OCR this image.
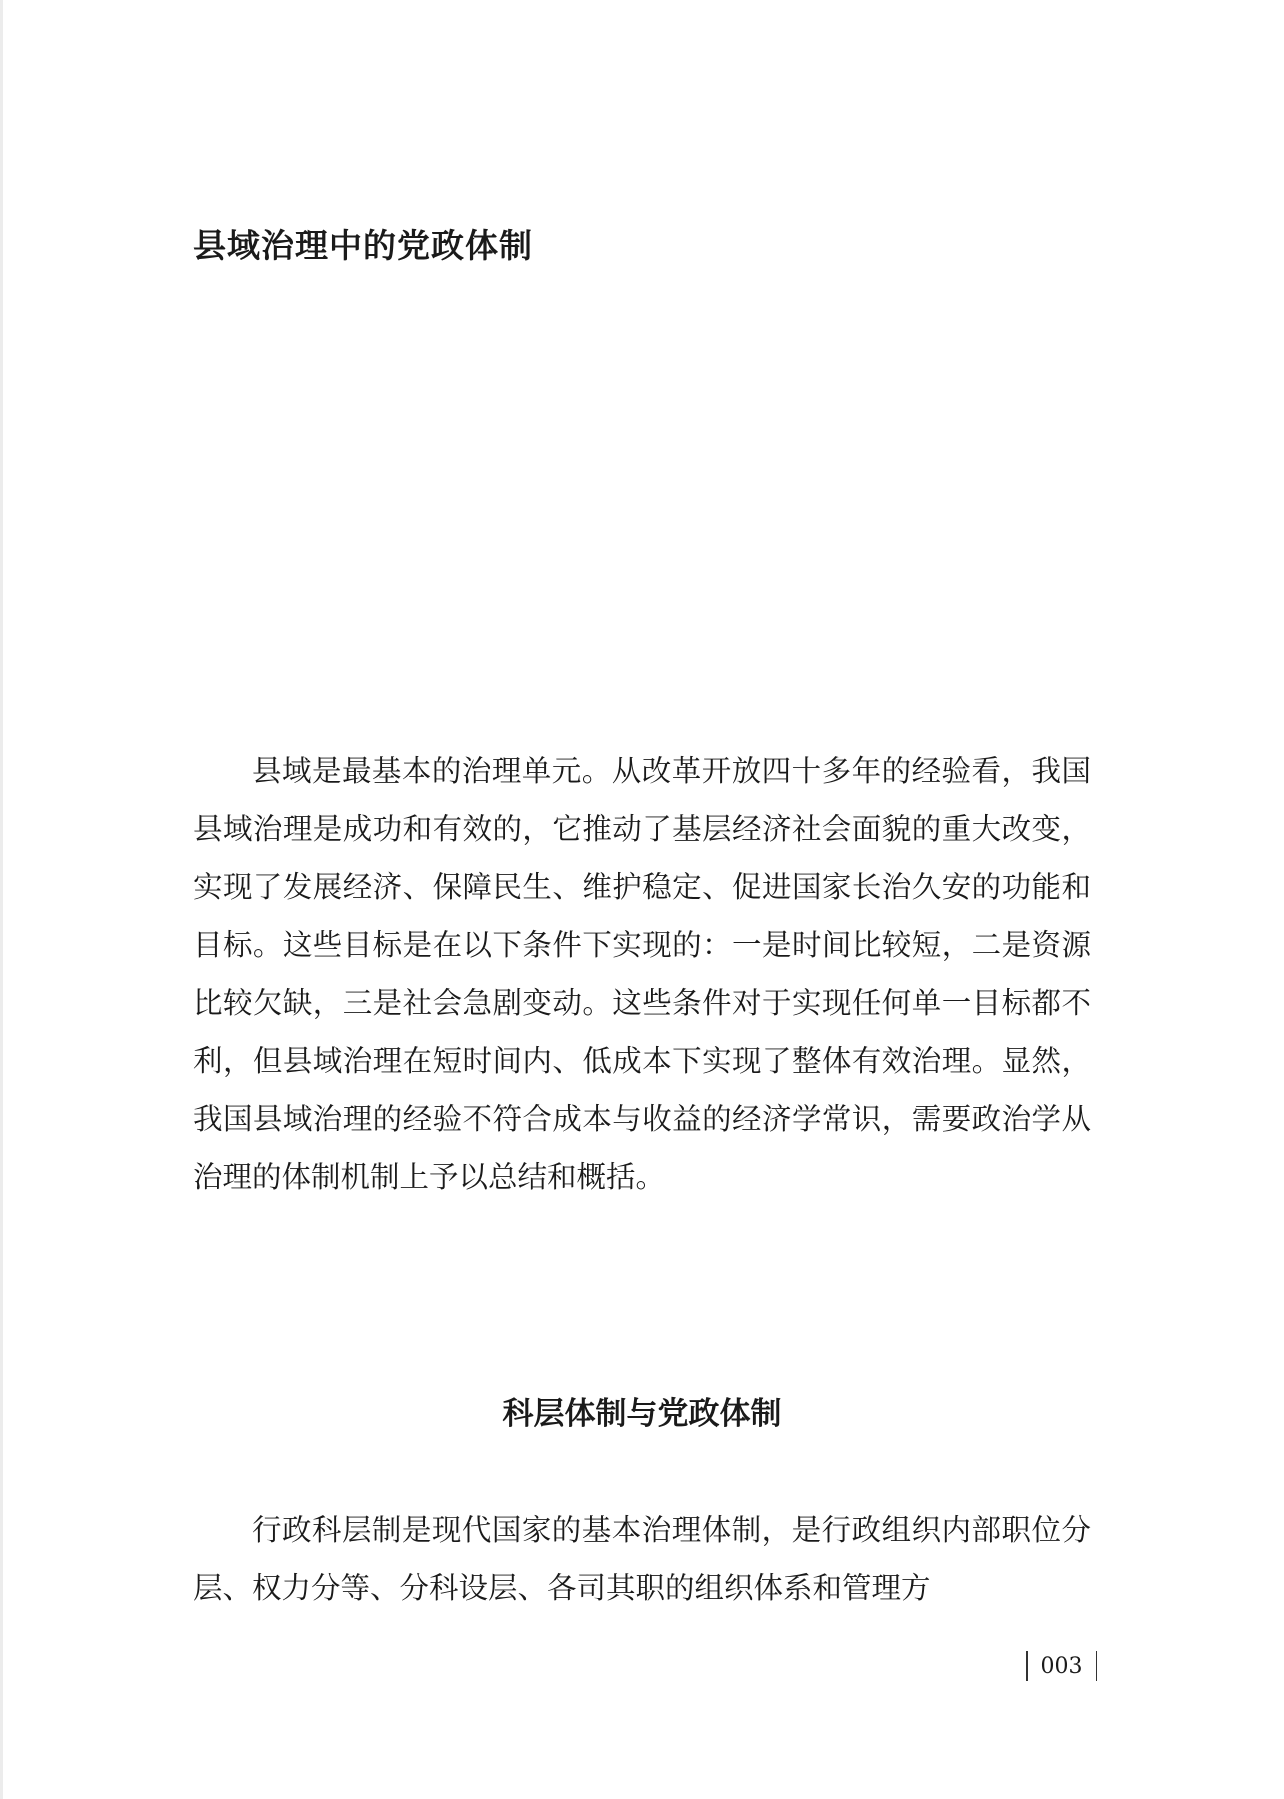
县域治理中的党政体制

县域是最基本的治理单元。从改革开放四十多年的经验看，我国县域治理是成功和有效的，它推动了基层经济社会面貌的重大改变，实现了发展经济、保障民生、维护稳定、促进国家长治久安的功能和目标。这些目标是在以下条件下实现的：一是时间比较短，二是资源比较欠缺，三是社会急剧变动。这些条件对于实现任何单一目标都不利，但县域治理在短时间内、低成本下实现了整体有效治理。显然，我国县域治理的经验不符合成本与收益的经济学常识，需要政治学从治理的体制机制上予以总结和概括。

科层体制与党政体制

行政科层制是现代国家的基本治理体制，是行政组织内部职位分层、权力分等、分科设层、各司其职的组织体系和管理方

003
